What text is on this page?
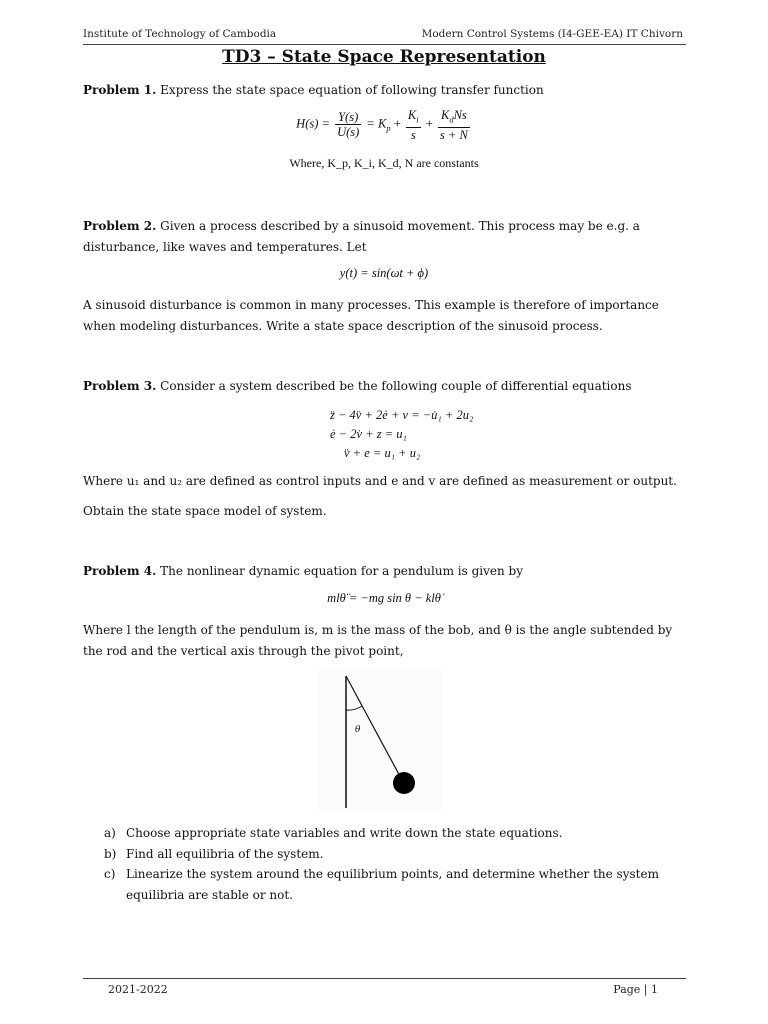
Institute of Technology of Cambodia	Modern Control Systems (I4-GEE-EA) IT Chivorn
TD3 – State Space Representation
Problem 1. Express the state space equation of following transfer function
$H(s) = \frac{Y(s)}{U(s)} = K_p + \frac{K_i}{s} + \frac{K_dNs}{s + N}$
Where, K_p, K_i, K_d, N are constants
Problem 2. Given a process described by a sinusoid movement. This process may be e.g. a disturbance, like waves and temperatures. Let
y(t) = sin(ωt + ϕ)
A sinusoid disturbance is common in many processes. This example is therefore of importance when modeling disturbances. Write a state space description of the sinusoid process.
Problem 3. Consider a system described be the following couple of differential equations
z̈ − 4v̈ + 2ė + v = −u̇₁ + 2u₂
ė − 2v̇ + z = u₁
v̈ + e = u₁ + u₂
Where u₁ and u₂ are defined as control inputs and e and v are defined as measurement or output.
Obtain the state space model of system.
Problem 4. The nonlinear dynamic equation for a pendulum is given by
mlθ̈ = −mg sin θ − klθ̇
Where l the length of the pendulum is, m is the mass of the bob, and θ is the angle subtended by the rod and the vertical axis through the pivot point,
θ
a) Choose appropriate state variables and write down the state equations.
b) Find all equilibria of the system.
c) Linearize the system around the equilibrium points, and determine whether the system equilibria are stable or not.
2021-2022	Page | 1
